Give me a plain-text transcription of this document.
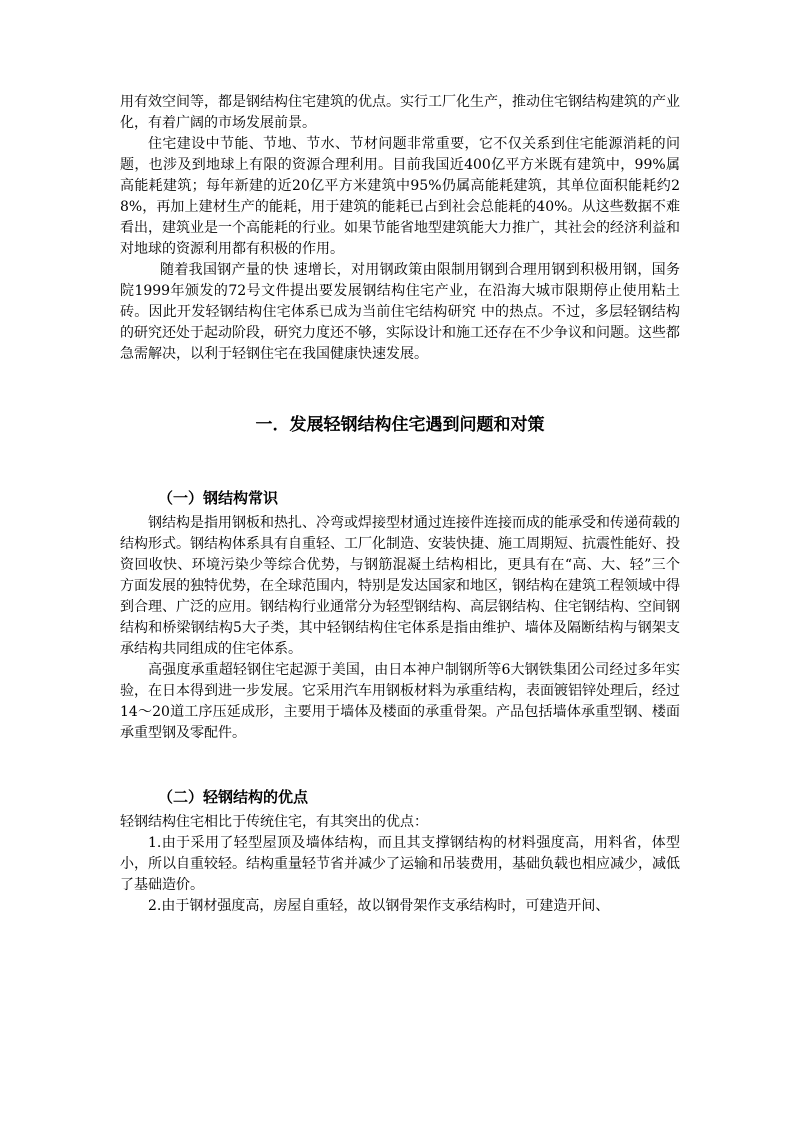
用有效空间等，都是钢结构住宅建筑的优点。实行工厂化生产，推动住宅钢结构建筑的产业化，有着广阔的市场发展前景。

住宅建设中节能、节地、节水、节材问题非常重要，它不仅关系到住宅能源消耗的问题，也涉及到地球上有限的资源合理利用。目前我国近400亿平方米既有建筑中，99%属高能耗建筑；每年新建的近20亿平方米建筑中95%仍属高能耗建筑，其单位面积能耗约28%，再加上建材生产的能耗，用于建筑的能耗已占到社会总能耗的40%。从这些数据不难看出，建筑业是一个高能耗的行业。如果节能省地型建筑能大力推广，其社会的经济利益和对地球的资源利用都有积极的作用。

随着我国钢产量的快 速增长，对用钢政策由限制用钢到合理用钢到积极用钢，国务院1999年颁发的72号文件提出要发展钢结构住宅产业，在沿海大城市限期停止使用粘土砖。因此开发轻钢结构住宅体系已成为当前住宅结构研究 中的热点。不过，多层轻钢结构的研究还处于起动阶段，研究力度还不够，实际设计和施工还存在不少争议和问题。这些都急需解决，以利于轻钢住宅在我国健康快速发展。

一．发展轻钢结构住宅遇到问题和对策
（一）钢结构常识

钢结构是指用钢板和热扎、冷弯或焊接型材通过连接件连接而成的能承受和传递荷载的结构形式。钢结构体系具有自重轻、工厂化制造、安装快捷、施工周期短、抗震性能好、投资回收快、环境污染少等综合优势，与钢筋混凝土结构相比，更具有在“高、大、轻”三个方面发展的独特优势，在全球范围内，特别是发达国家和地区，钢结构在建筑工程领域中得到合理、广泛的应用。钢结构行业通常分为轻型钢结构、高层钢结构、住宅钢结构、空间钢结构和桥梁钢结构5大子类，其中轻钢结构住宅体系是指由维护、墙体及隔断结构与钢架支承结构共同组成的住宅体系。

高强度承重超轻钢住宅起源于美国，由日本神户制钢所等6大钢铁集团公司经过多年实验，在日本得到进一步发展。它采用汽车用钢板材料为承重结构，表面镀铝锌处理后，经过14～20道工序压延成形，主要用于墙体及楼面的承重骨架。产品包括墙体承重型钢、楼面承重型钢及零配件。

（二）轻钢结构的优点

轻钢结构住宅相比于传统住宅，有其突出的优点：

1.由于采用了轻型屋顶及墙体结构，而且其支撑钢结构的材料强度高，用料省，体型小，所以自重较轻。结构重量轻节省并减少了运输和吊装费用，基础负载也相应减少，减低了基础造价。

2.由于钢材强度高，房屋自重轻，故以钢骨架作支承结构时，可建造开间、
